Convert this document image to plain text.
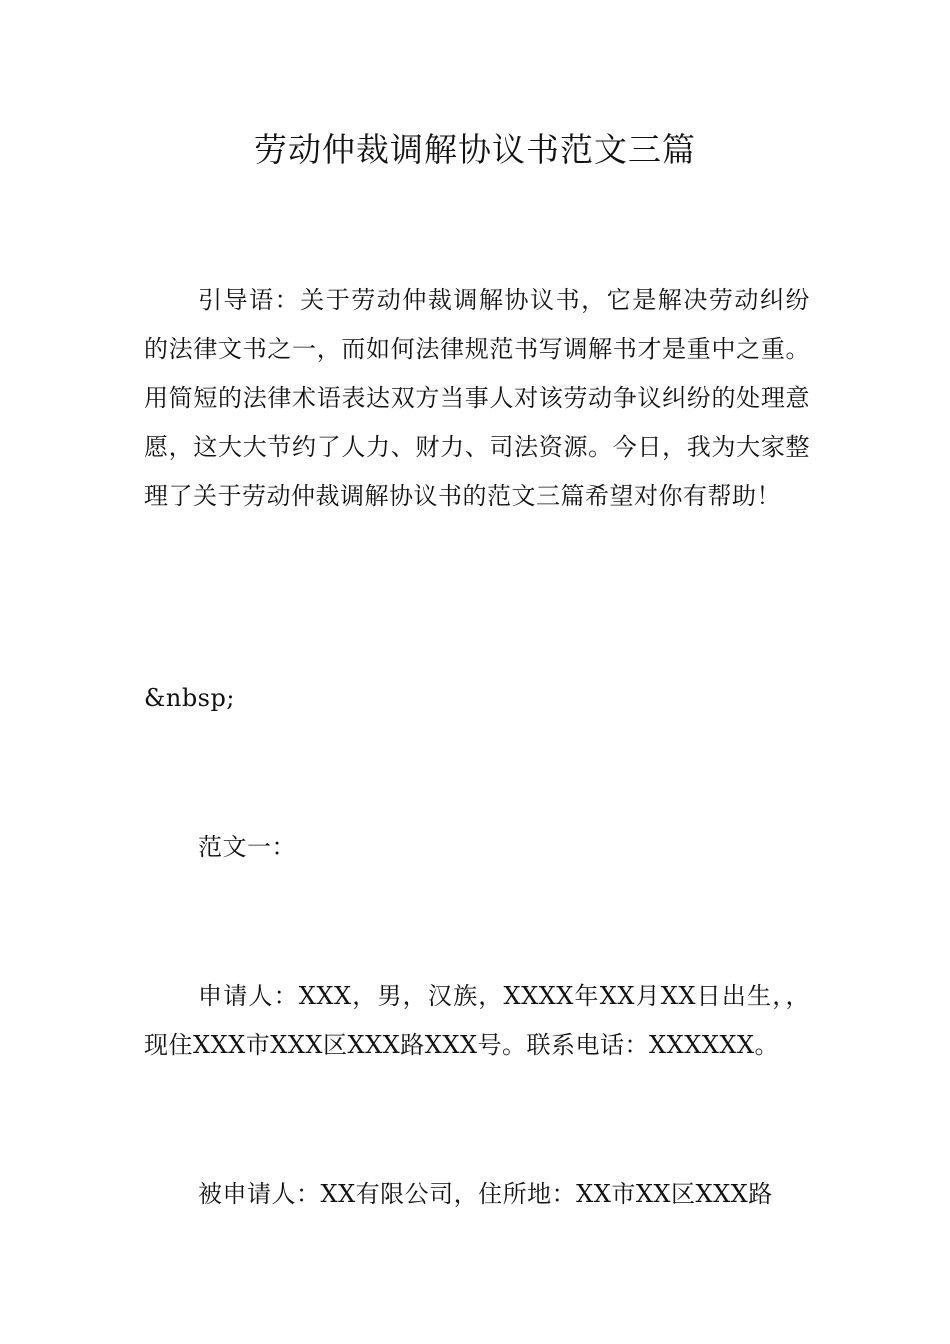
劳动仲裁调解协议书范文三篇

引导语：关于劳动仲裁调解协议书，它是解决劳动纠纷的法律文书之一，而如何法律规范书写调解书才是重中之重。用简短的法律术语表达双方当事人对该劳动争议纠纷的处理意愿，这大大节约了人力、财力、司法资源。今日，我为大家整理了关于劳动仲裁调解协议书的范文三篇希望对你有帮助！

&nbsp;

范文一：

申请人：XXX，男，汉族，XXXX年XX月XX日出生，，现住XXX市XXX区XXX路XXX号。联系电话：XXXXXX。

被申请人：XX有限公司，住所地：XX市XX区XXX路
